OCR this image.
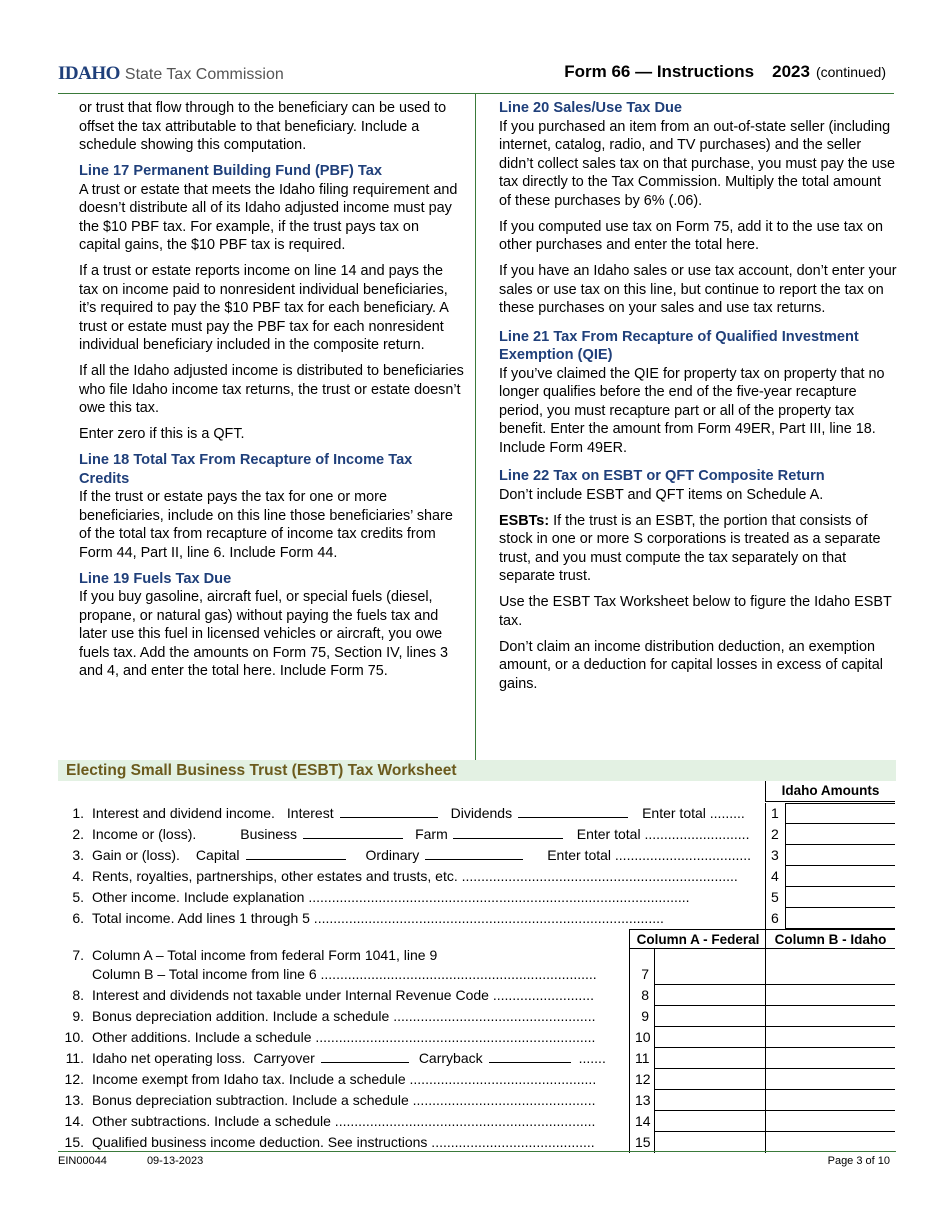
IDAHO State Tax Commission	Form 66 — Instructions 2023 (continued)

or trust that flow through to the beneficiary can be used to offset the tax attributable to that beneficiary. Include a schedule showing this computation.

Line 17 Permanent Building Fund (PBF) Tax

A trust or estate that meets the Idaho filing requirement and doesn’t distribute all of its Idaho adjusted income must pay the $10 PBF tax. For example, if the trust pays tax on capital gains, the $10 PBF tax is required.

If a trust or estate reports income on line 14 and pays the tax on income paid to nonresident individual beneficiaries, it’s required to pay the $10 PBF tax for each beneficiary. A trust or estate must pay the PBF tax for each nonresident individual beneficiary included in the composite return.

If all the Idaho adjusted income is distributed to beneficiaries who file Idaho income tax returns, the trust or estate doesn’t owe this tax.

Enter zero if this is a QFT.

Line 18 Total Tax From Recapture of Income Tax Credits

If the trust or estate pays the tax for one or more beneficiaries, include on this line those beneficiaries’ share of the total tax from recapture of income tax credits from Form 44, Part II, line 6. Include Form 44.

Line 19 Fuels Tax Due

If you buy gasoline, aircraft fuel, or special fuels (diesel, propane, or natural gas) without paying the fuels tax and later use this fuel in licensed vehicles or aircraft, you owe fuels tax. Add the amounts on Form 75, Section IV, lines 3 and 4, and enter the total here. Include Form 75.

Line 20 Sales/Use Tax Due

If you purchased an item from an out-of-state seller (including internet, catalog, radio, and TV purchases) and the seller didn’t collect sales tax on that purchase, you must pay the use tax directly to the Tax Commission. Multiply the total amount of these purchases by 6% (.06).

If you computed use tax on Form 75, add it to the use tax on other purchases and enter the total here.

If you have an Idaho sales or use tax account, don’t enter your sales or use tax on this line, but continue to report the tax on these purchases on your sales and use tax returns.

Line 21 Tax From Recapture of Qualified Investment Exemption (QIE)

If you’ve claimed the QIE for property tax on property that no longer qualifies before the end of the five-year recapture period, you must recapture part or all of the property tax benefit. Enter the amount from Form 49ER, Part III, line 18. Include Form 49ER.

Line 22 Tax on ESBT or QFT Composite Return

Don’t include ESBT and QFT items on Schedule A.

ESBTs: If the trust is an ESBT, the portion that consists of stock in one or more S corporations is treated as a separate trust, and you must compute the tax separately on that separate trust.

Use the ESBT Tax Worksheet below to figure the Idaho ESBT tax.

Don’t claim an income distribution deduction, an exemption amount, or a deduction for capital losses in excess of capital gains.

Electing Small Business Trust (ESBT) Tax Worksheet
Idaho Amounts
1. Interest and dividend income. Interest	Dividends	Enter total .........	1
2. Income or (loss).	Business	Farm	Enter total ...........................	2
3. Gain or (loss). Capital	Ordinary	Enter total ...................................	3
4. Rents, royalties, partnerships, other estates and trusts, etc. .......................................................................	4
5. Other income. Include explanation ..................................................................................................	5
6. Total income. Add lines 1 through 5 ..........................................................................................	6
Column A - Federal	Column B - Idaho
7. Column A – Total income from federal Form 1041, line 9
Column B – Total income from line 6 .......................................................................	7
8. Interest and dividends not taxable under Internal Revenue Code ..........................	8
9. Bonus depreciation addition. Include a schedule ....................................................	9
10. Other additions. Include a schedule ........................................................................	10
11. Idaho net operating loss. Carryover	Carryback	.......	11
12. Income exempt from Idaho tax. Include a schedule ................................................	12
13. Bonus depreciation subtraction. Include a schedule ...............................................	13
14. Other subtractions. Include a schedule ...................................................................	14
15. Qualified business income deduction. See instructions ..........................................	15
EIN00044	09-13-2023	Page 3 of 10
